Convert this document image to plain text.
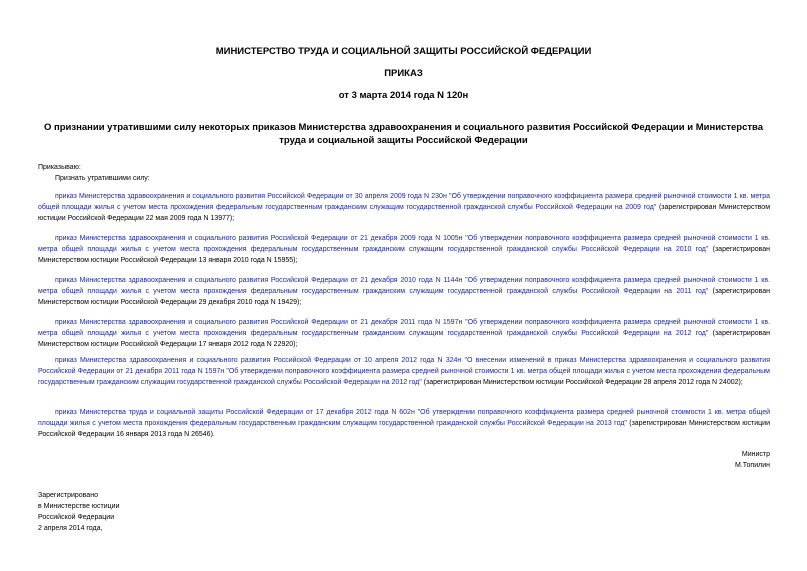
МИНИСТЕРСТВО ТРУДА И СОЦИАЛЬНОЙ ЗАЩИТЫ РОССИЙСКОЙ ФЕДЕРАЦИИ
ПРИКАЗ
от 3 марта 2014 года N 120н
О признании утратившими силу некоторых приказов Министерства здравоохранения и социального развития Российской Федерации и Министерства труда и социальной защиты Российской Федерации
Приказываю:
Признать утратившими силу:
приказ Министерства здравоохранения и социального развития Российской Федерации от 30 апреля 2009 года N 230н "Об утверждении поправочного коэффициента размера средней рыночной стоимости 1 кв. метра общей площади жилья с учетом места прохождения федеральным государственным гражданским служащим государственной гражданской службы Российской Федерации на 2009 год" (зарегистрирован Министерством юстиции Российской Федерации 22 мая 2009 года N 13977);
приказ Министерства здравоохранения и социального развития Российской Федерации от 21 декабря 2009 года N 1005н "Об утверждении поправочного коэффициента размера средней рыночной стоимости 1 кв. метра общей площади жилья с учетом места прохождения федеральным государственным гражданским служащим государственной гражданской службы Российской Федерации на 2010 год" (зарегистрирован Министерством юстиции Российской Федерации 13 января 2010 года N 15955);
приказ Министерства здравоохранения и социального развития Российской Федерации от 21 декабря 2010 года N 1144н "Об утверждении поправочного коэффициента размера средней рыночной стоимости 1 кв. метра общей площади жилья с учетом места прохождения федеральным государственным гражданским служащим государственной гражданской службы Российской Федерации на 2011 год" (зарегистрирован Министерством юстиции Российской Федерации 29 декабря 2010 года N 19429);
приказ Министерства здравоохранения и социального развития Российской Федерации от 21 декабря 2011 года N 1597н "Об утверждении поправочного коэффициента размера средней рыночной стоимости 1 кв. метра общей площади жилья с учетом места прохождения федеральным государственным гражданским служащим государственной гражданской службы Российской Федерации на 2012 год" (зарегистрирован Министерством юстиции Российской Федерации 17 января 2012 года N 22920);
приказ Министерства здравоохранения и социального развития Российской Федерации от 10 апреля 2012 года N 324н "О внесении изменений в приказ Министерства здравоохранения и социального развития Российской Федерации от 21 декабря 2011 года N 1597н "Об утверждении поправочного коэффициента размера средней рыночной стоимости 1 кв. метра общей площади жилья с учетом места прохождения федеральным государственным гражданским служащим государственной гражданской службы Российской Федерации на 2012 год" (зарегистрирован Министерством юстиции Российской Федерации 28 апреля 2012 года N 24002);
приказ Министерства труда и социальной защиты Российской Федерации от 17 декабря 2012 года N 602н "Об утверждении поправочного коэффициента размера средней рыночной стоимости 1 кв. метра общей площади жилья с учетом места прохождения федеральным государственным гражданским служащим государственной гражданской службы Российской Федерации на 2013 год" (зарегистрирован Министерством юстиции Российской Федерации 16 января 2013 года N 26546).
Министр
М.Топилин
Зарегистрировано
в Министерстве юстиции
Российской Федерации
2 апреля 2014 года,
